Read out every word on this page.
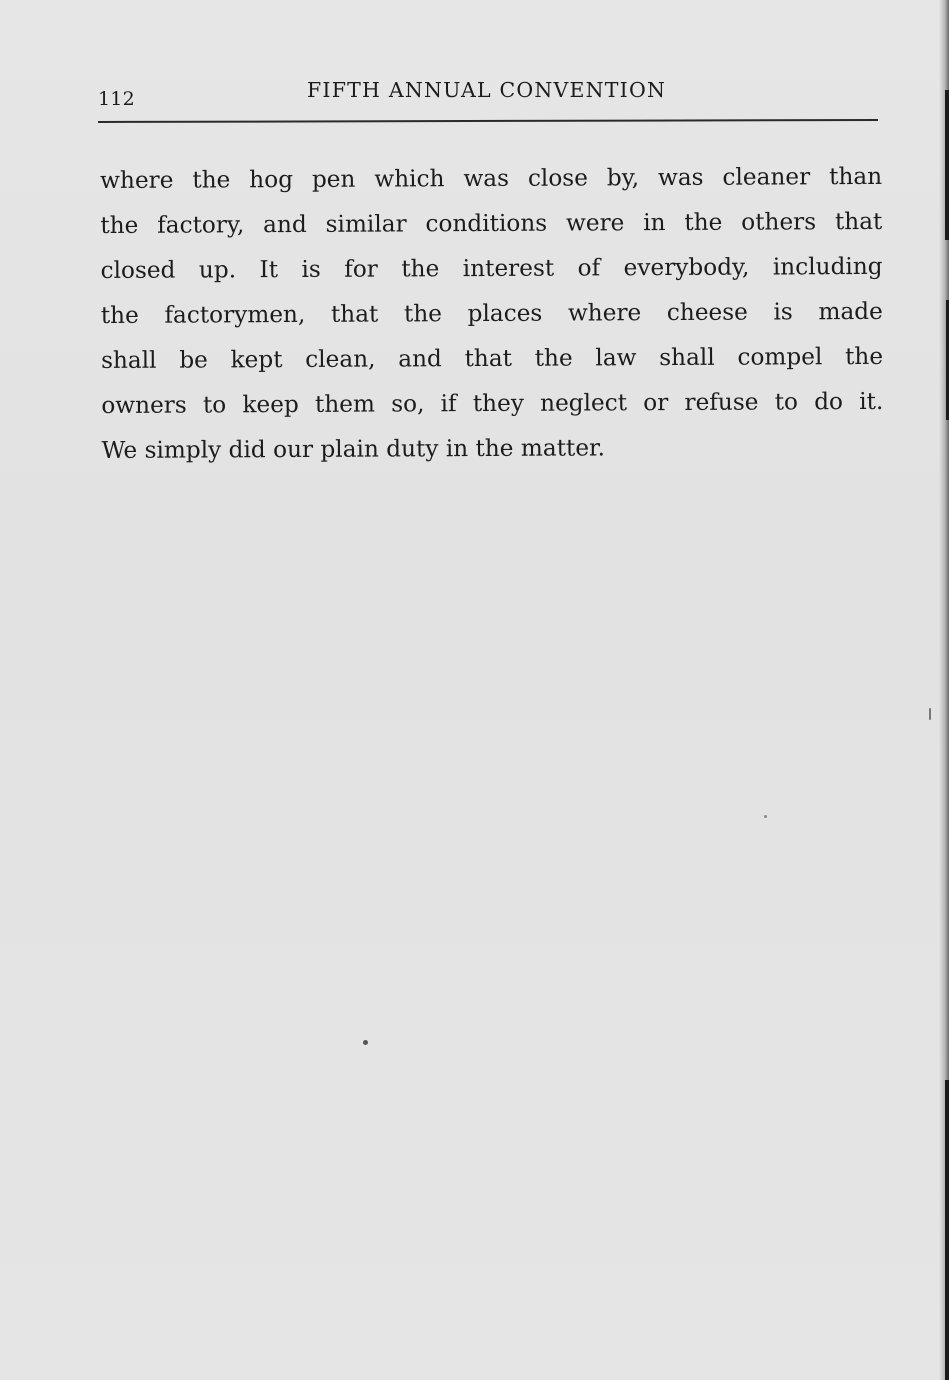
112	FIFTH ANNUAL CONVENTION
where the hog pen which was close by, was cleaner than
the factory, and similar conditions were in the others that
closed up. It is for the interest of everybody, including
the factorymen, that the places where cheese is made
shall be kept clean, and that the law shall compel the
owners to keep them so, if they neglect or refuse to do it.
We simply did our plain duty in the matter.
